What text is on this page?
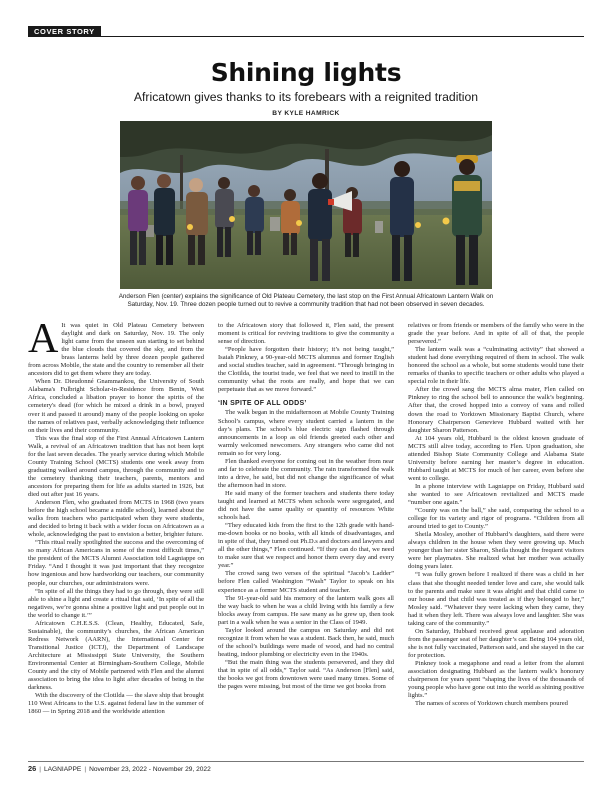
COVER STORY
Shining lights
Africatown gives thanks to its forebears with a reignited tradition
BY KYLE HAMRICK
Anderson Flen (center) explains the significance of Old Plateau Cemetery, the last stop on the First Annual Africatown Lantern Walk on Saturday, Nov. 19. Three dozen people turned out to revive a community tradition that had not been observed in seven decades.

A It was quiet in Old Plateau Cemetery between daylight and dark on Saturday, Nov. 19. The only light came from the unseen sun starting to set behind the blue clouds that covered the sky, and from the brass lanterns held by three dozen people gathered from across Mobile, the state and the country to remember all their ancestors did to get them where they are today.

When Dr. Dieudonné Gnammankou, the University of South Alabama's Fulbright Scholar-in-Residence from Benin, West Africa, concluded a libation prayer to honor the spirits of the cemetery's dead (for which he mixed a drink in a bowl, prayed over it and passed it around) many of the people looking on spoke the names of relatives past, verbally acknowledging their influence on their lives and their community.

This was the final stop of the First Annual Africatown Lantern Walk, a revival of an Africatown tradition that has not been kept for the last seven decades. The yearly service during which Mobile County Training School (MCTS) students one week away from graduating walked around campus, through the community and to the cemetery thanking their teachers, parents, mentors and ancestors for preparing them for life as adults started in 1926, but died out after just 16 years.

Anderson Flen, who graduated from MCTS in 1968 (two years before the high school became a middle school), learned about the walks from teachers who participated when they were students, and decided to bring it back with a wider focus on Africatown as a whole, acknowledging the past to envision a better, brighter future.

“This ritual really spotlighted the success and the overcoming of so many African Americans in some of the most difficult times,” the president of the MCTS Alumni Association told Lagniappe on Friday. “And I thought it was just important that they recognize how ingenious and how hardworking our teachers, our community people, our churches, our administrators were.

“In spite of all the things they had to go through, they were still able to shine a light and create a ritual that said, ‘In spite of all the negatives, we’re gonna shine a positive light and put people out in the world to change it.’”

Africatown C.H.E.S.S. (Clean, Healthy, Educated, Safe, Sustainable), the community’s churches, the African American Redress Network (AARN), the International Center for Transitional Justice (ICTJ), the Department of Landscape Architecture at Mississippi State University, the Southern Environmental Center at Birmingham-Southern College, Mobile County and the city of Mobile partnered with Flen and the alumni association to bring the idea to light after decades of being in the darkness.

With the discovery of the Clotilda — the slave ship that brought 110 West Africans to the U.S. against federal law in the summer of 1860 — in Spring 2018 and the worldwide attention

to the Africatown story that followed it, Flen said, the present moment is critical for reviving traditions to give the community a sense of direction.

“People have forgotten their history; it’s not being taught,” Isaiah Pinkney, a 90-year-old MCTS alumnus and former English and social studies teacher, said in agreement. “Through bringing in the Clotilda, the tourist trade, we feel that we need to instill in the community what the roots are really, and hope that we can perpetuate that as we move forward.”

‘IN SPITE OF ALL ODDS’

The walk began in the midafternoon at Mobile County Training School’s campus, where every student carried a lantern in the day’s plans. The school’s blue electric sign flashed through announcements in a loop as old friends greeted each other and warmly welcomed newcomers. Any strangers who came did not remain so for very long.

Flen thanked everyone for coming out in the weather from near and far to celebrate the community. The rain transformed the walk into a drive, he said, but did not change the significance of what the afternoon had in store.

He said many of the former teachers and students there today taught and learned at MCTS when schools were segregated, and did not have the same quality or quantity of resources White schools had.

“They educated kids from the first to the 12th grade with hand-me-down books or no books, with all kinds of disadvantages, and in spite of that, they turned out Ph.D.s and doctors and lawyers and all the other things,” Flen continued. “If they can do that, we need to make sure that we respect and honor them every day and every year.”

The crowd sang two verses of the spiritual “Jacob’s Ladder” before Flen called Washington “Wash” Taylor to speak on his experience as a former MCTS student and teacher.

The 91-year-old said his memory of the lantern walk goes all the way back to when he was a child living with his family a few blocks away from campus. He saw many as he grew up, then took part in a walk when he was a senior in the Class of 1949.

Taylor looked around the campus on Saturday and did not recognize it from when he was a student. Back then, he said, much of the school’s buildings were made of wood, and had no central heating, indoor plumbing or electricity even in the 1940s.

“But the main thing was the students persevered, and they did that in spite of all odds,” Taylor said. “As Anderson [Flen] said, the books we got from downtown were used many times. Some of the pages were missing, but most of the time we got books from

relatives or from friends or members of the family who were in the grade the year before. And in spite of all of that, the people persevered.”

The lantern walk was a “culminating activity” that showed a student had done everything required of them in school. The walk honored the school as a whole, but some students would tune their remarks of thanks to specific teachers or other adults who played a special role in their life.

After the crowd sang the MCTS alma mater, Flen called on Pinkney to ring the school bell to announce the walk’s beginning. After that, the crowd hopped into a convoy of vans and rolled down the road to Yorktown Missionary Baptist Church, where Honorary Chairperson Genevieve Hubbard waited with her daughter Sharon Patterson.

At 104 years old, Hubbard is the oldest known graduate of MCTS still alive today, according to Flen. Upon graduation, she attended Bishop State Community College and Alabama State University before earning her master’s degree in education. Hubbard taught at MCTS for much of her career, even before she went to college.

In a phone interview with Lagniappe on Friday, Hubbard said she wanted to see Africatown revitalized and MCTS made “number one again.”

“County was on the ball,” she said, comparing the school to a college for its variety and rigor of programs. “Children from all around tried to get to County.”

Sheila Mosley, another of Hubbard’s daughters, said there were always children in the house when they were growing up. Much younger than her sister Sharon, Sheila thought the frequent visitors were her playmates. She realized what her mother was actually doing years later.

“I was fully grown before I realized if there was a child in her class that she thought needed tender love and care, she would talk to the parents and make sure it was alright and that child came to our house and that child was treated as if they belonged to her,” Mosley said. “Whatever they were lacking when they came, they had it when they left. There was always love and laughter. She was taking care of the community.”

On Saturday, Hubbard received great applause and adoration from the passenger seat of her daughter’s car. Being 104 years old, she is not fully vaccinated, Patterson said, and she stayed in the car for protection.

Pinkney took a megaphone and read a letter from the alumni association designating Hubbard as the lantern walk’s honorary chairperson for years spent “shaping the lives of the thousands of young people who have gone out into the world as shining positive lights.”

The names of scores of Yorktown church members poured

26 | LAGNIAPPE | November 23, 2022 - November 29, 2022
